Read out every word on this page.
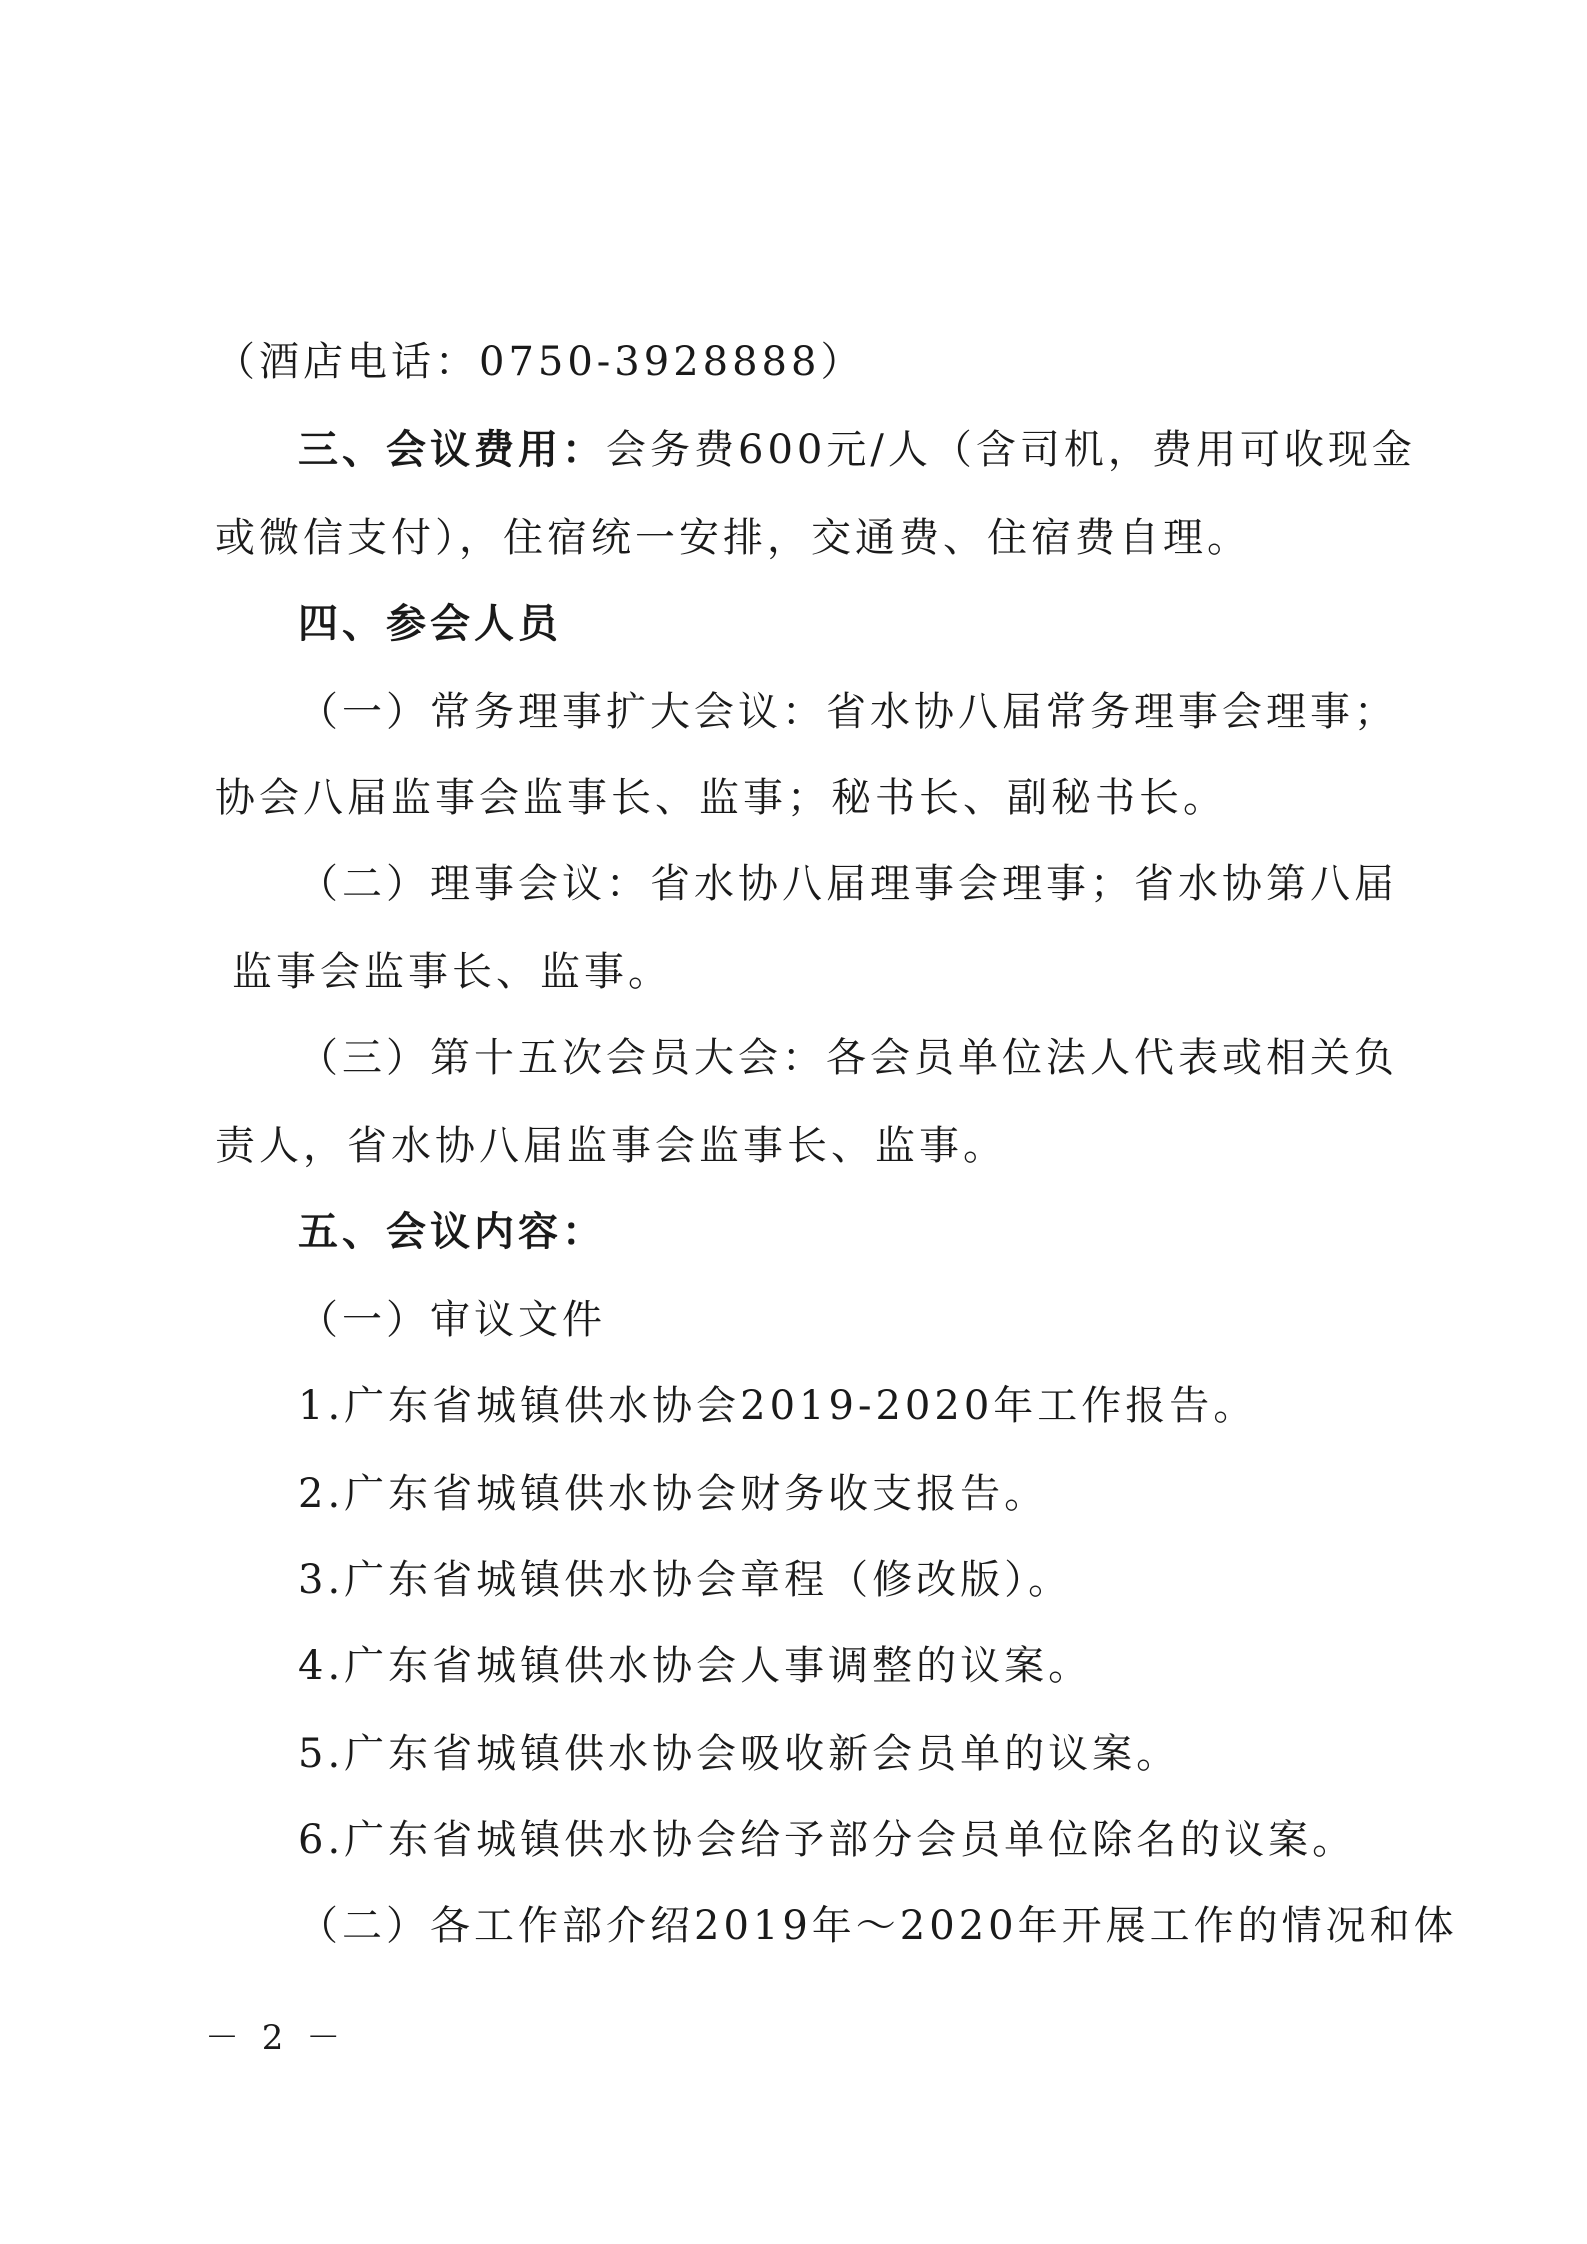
（酒店电话：0750-3928888）
三、会议费用：会务费600元/人（含司机，费用可收现金
或微信支付），住宿统一安排，交通费、住宿费自理。
四、参会人员
（一）常务理事扩大会议：省水协八届常务理事会理事；
协会八届监事会监事长、监事；秘书长、副秘书长。
（二）理事会议：省水协八届理事会理事；省水协第八届
监事会监事长、监事。
（三）第十五次会员大会：各会员单位法人代表或相关负
责人，省水协八届监事会监事长、监事。
五、会议内容：
（一）审议文件
1.广东省城镇供水协会2019-2020年工作报告。
2.广东省城镇供水协会财务收支报告。
3.广东省城镇供水协会章程（修改版）。
4.广东省城镇供水协会人事调整的议案。
5.广东省城镇供水协会吸收新会员单的议案。
6.广东省城镇供水协会给予部分会员单位除名的议案。
（二）各工作部介绍2019年～2020年开展工作的情况和体
－ 2 －
